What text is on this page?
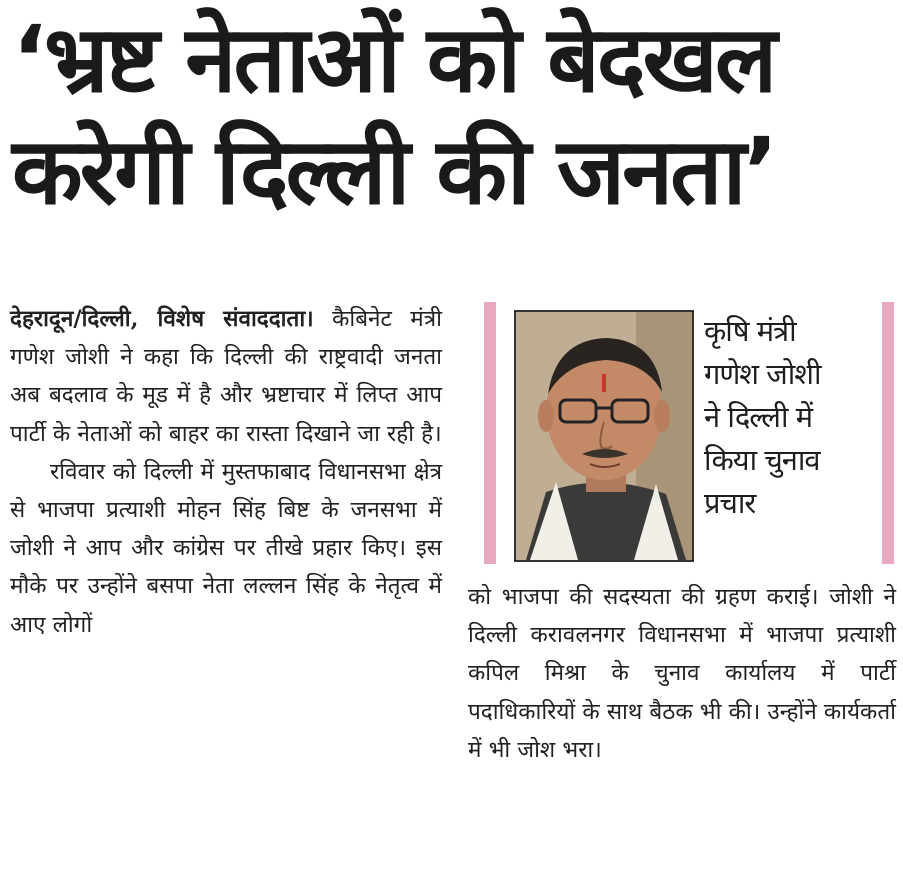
‘भ्रष्ट नेताओं को बेदखल
करेगी दिल्ली की जनता’

देहरादून/दिल्ली, विशेष संवाददाता। कैबिनेट मंत्री गणेश जोशी ने कहा कि दिल्ली की राष्ट्रवादी जनता अब बदलाव के मूड में है और भ्रष्टाचार में लिप्त आप पार्टी के नेताओं को बाहर का रास्ता दिखाने जा रही है।

रविवार को दिल्ली में मुस्तफाबाद विधानसभा क्षेत्र से भाजपा प्रत्याशी मोहन सिंह बिष्ट के जनसभा में जोशी ने आप और कांग्रेस पर तीखे प्रहार किए। इस मौके पर उन्होंने बसपा नेता लल्लन सिंह के नेतृत्व में आए लोगों

कृषि मंत्री
गणेश जोशी
ने दिल्ली में
किया चुनाव
प्रचार

को भाजपा की सदस्यता की ग्रहण कराई। जोशी ने दिल्ली करावलनगर विधानसभा में भाजपा प्रत्याशी कपिल मिश्रा के चुनाव कार्यालय में पार्टी पदाधिकारियों के साथ बैठक भी की। उन्होंने कार्यकर्ता में भी जोश भरा।
